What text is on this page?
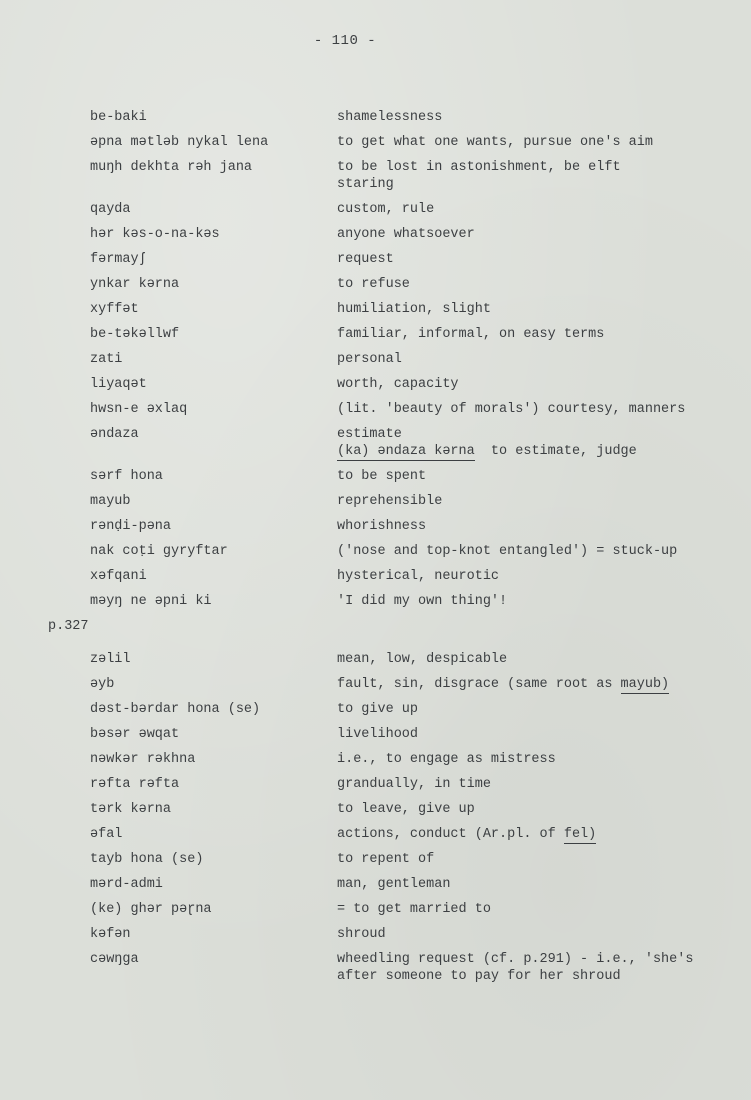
- 110 -
be-baki	shamelessness
əpna mətləb nykal lena	to get what one wants, pursue one's aim
muŋh dekhta rəh jana	to be lost in astonishment, be elft
staring
qayda	custom, rule
hər kəs-o-na-kəs	anyone whatsoever
fərmayʃ	request
ynkar kərna	to refuse
xyffət	humiliation, slight
be-təkəllwf	familiar, informal, on easy terms
zati	personal
liyaqət	worth, capacity
hwsn-e əxlaq	(lit. 'beauty of morals') courtesy, manners
əndaza	estimate
(ka) əndaza kərna  to estimate, judge
sərf hona	to be spent
mayub	reprehensible
rənḍi-pəna	whorishness
nak coṭi gyryftar	('nose and top-knot entangled') = stuck-up
xəfqani	hysterical, neurotic
məyŋ ne əpni ki	'I did my own thing'!
p.327
zəlil	mean, low, despicable
əyb	fault, sin, disgrace (same root as mayub)
dəst-bərdar hona (se)	to give up
bəsər əwqat	livelihood
nəwkər rəkhna	i.e., to engage as mistress
rəfta rəfta	grandually, in time
tərk kərna	to leave, give up
əfal	actions, conduct (Ar.pl. of fel)
tayb hona (se)	to repent of
mərd-admi	man, gentleman
(ke) ghər pəɽna	= to get married to
kəfən	shroud
cəwŋga	wheedling request (cf. p.291) - i.e., 'she's
after someone to pay for her shroud
